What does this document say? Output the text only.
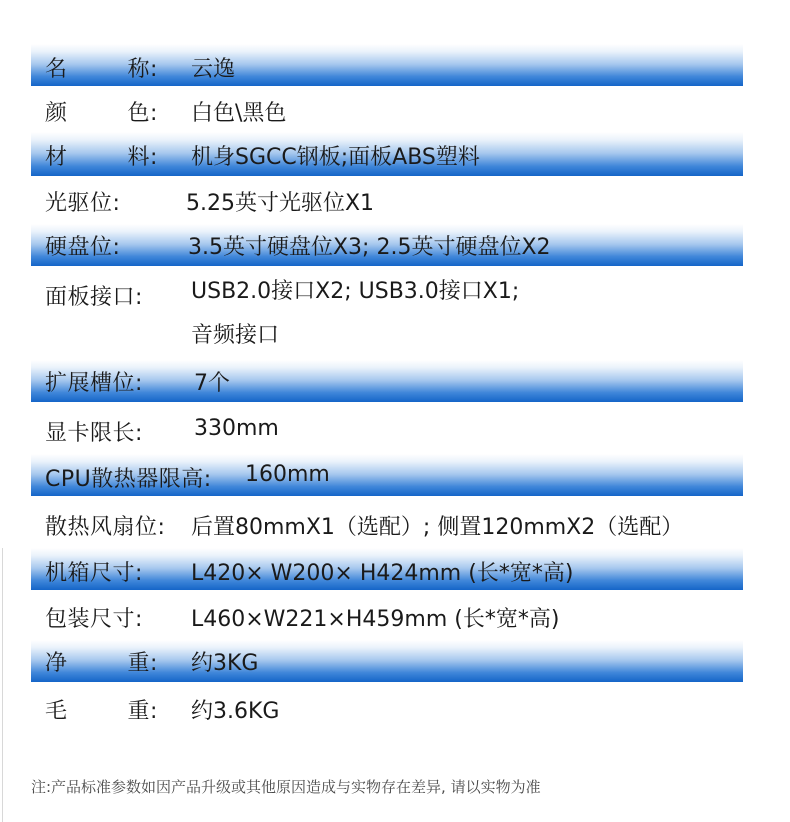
名        称: 云逸
颜        色: 白色\黑色
材        料: 机身SGCC钢板;面板ABS塑料
光驱位:	5.25英寸光驱位X1
硬盘位:	3.5英寸硬盘位X3; 2.5英寸硬盘位X2
面板接口: USB2.0接口X2; USB3.0接口X1;
音频接口
扩展槽位: 7个
显卡限长: 330mm
CPU散热器限高: 160mm
散热风扇位: 后置80mmX1（选配）; 侧置120mmX2（选配）
机箱尺寸: L420× W200× H424mm (长*宽*高)
包装尺寸: L460×W221×H459mm (长*宽*高)
净        重: 约3KG
毛        重: 约3.6KG
注:产品标准参数如因产品升级或其他原因造成与实物存在差异, 请以实物为准
